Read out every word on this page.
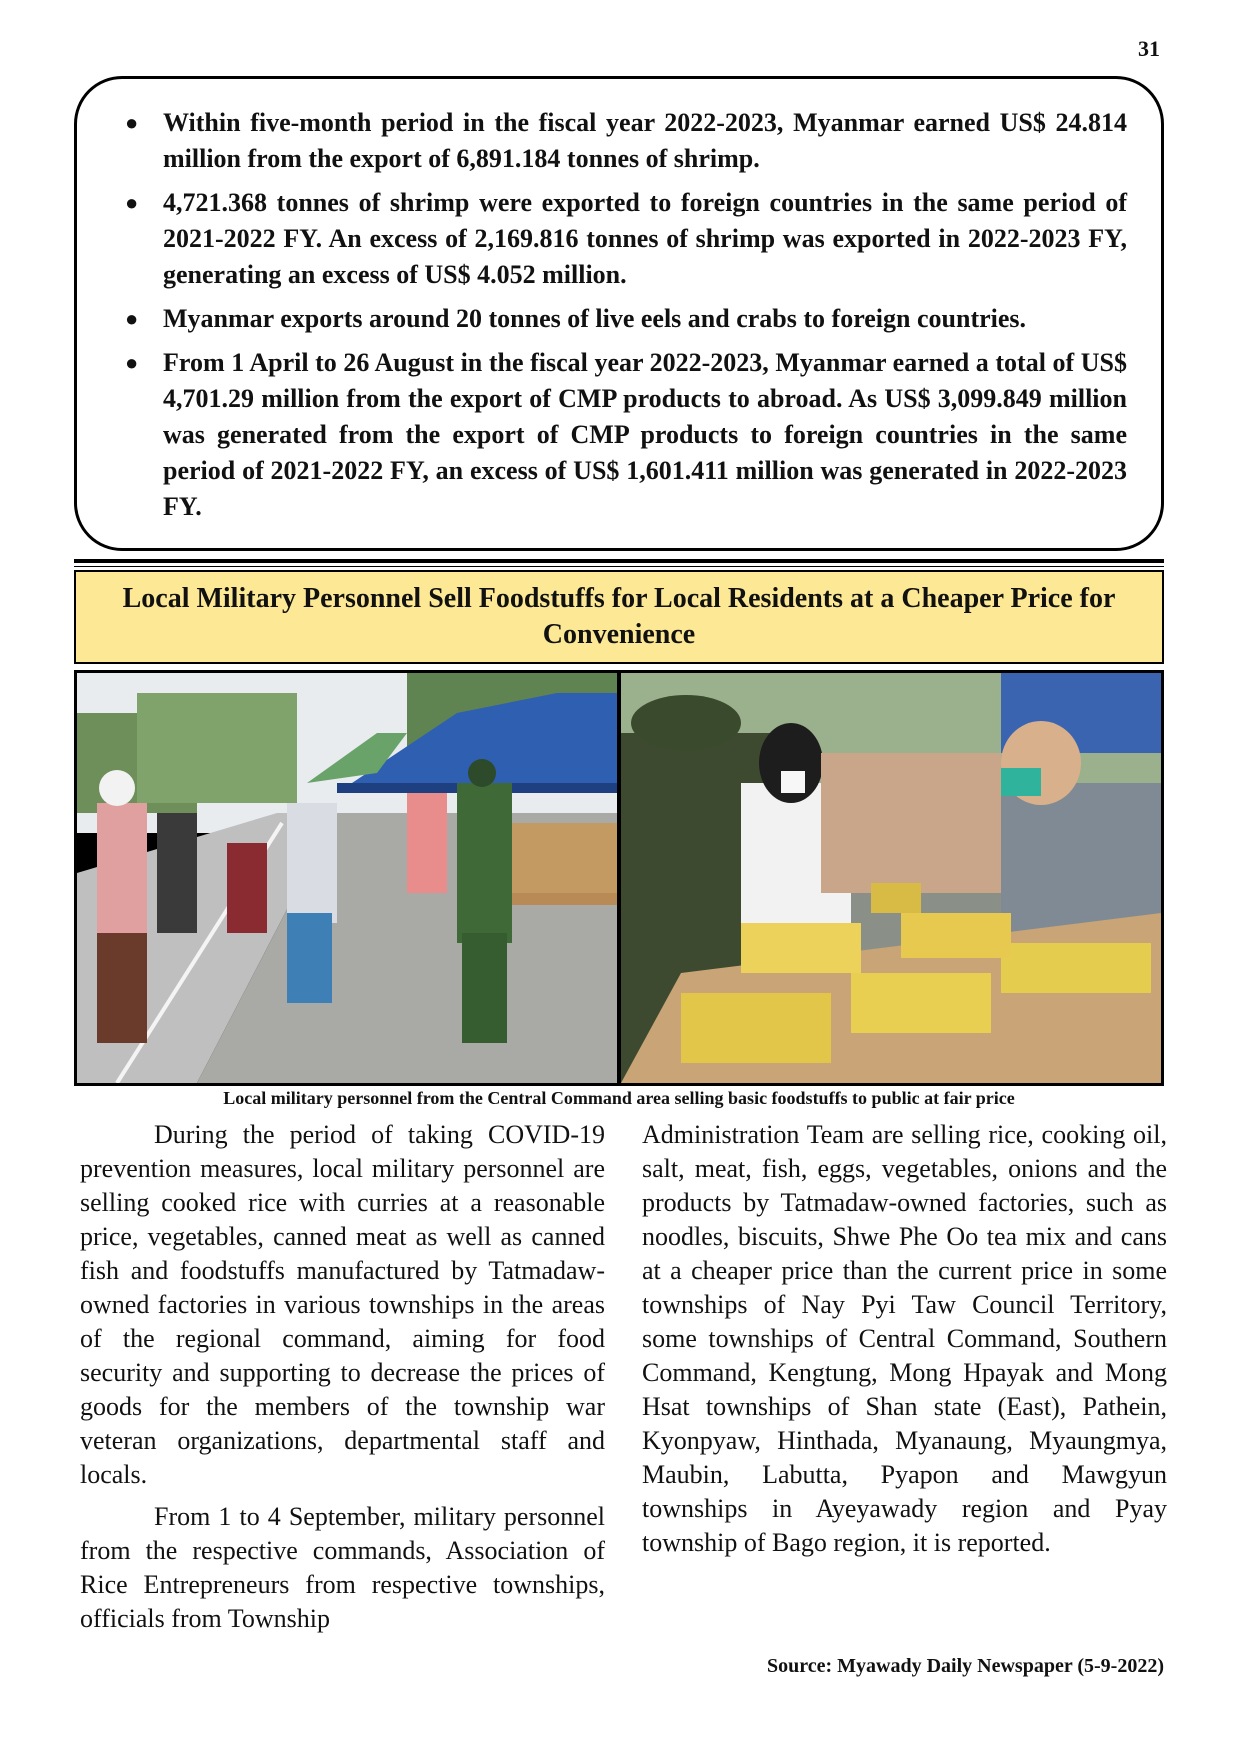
31
● Within five-month period in the fiscal year 2022-2023, Myanmar earned US$ 24.814 million from the export of 6,891.184 tonnes of shrimp.
● 4,721.368 tonnes of shrimp were exported to foreign countries in the same period of 2021-2022 FY. An excess of 2,169.816 tonnes of shrimp was exported in 2022-2023 FY, generating an excess of US$ 4.052 million.
● Myanmar exports around 20 tonnes of live eels and crabs to foreign countries.
● From 1 April to 26 August in the fiscal year 2022-2023, Myanmar earned a total of US$ 4,701.29 million from the export of CMP products to abroad. As US$ 3,099.849 million was generated from the export of CMP products to foreign countries in the same period of 2021-2022 FY, an excess of US$ 1,601.411 million was generated in 2022-2023 FY.
Local Military Personnel Sell Foodstuffs for Local Residents at a Cheaper Price for Convenience
Local military personnel from the Central Command area selling basic foodstuffs to public at fair price

During the period of taking COVID-19 prevention measures, local military personnel are selling cooked rice with curries at a reasonable price, vegetables, canned meat as well as canned fish and foodstuffs manufactured by Tatmadaw-owned factories in various townships in the areas of the regional command, aiming for food security and supporting to decrease the prices of goods for the members of the township war veteran organizations, departmental staff and locals.

From 1 to 4 September, military personnel from the respective commands, Association of Rice Entrepreneurs from respective townships, officials from Township

Administration Team are selling rice, cooking oil, salt, meat, fish, eggs, vegetables, onions and the products by Tatmadaw-owned factories, such as noodles, biscuits, Shwe Phe Oo tea mix and cans at a cheaper price than the current price in some townships of Nay Pyi Taw Council Territory, some townships of Central Command, Southern Command, Kengtung, Mong Hpayak and Mong Hsat townships of Shan state (East), Pathein, Kyonpyaw, Hinthada, Myanaung, Myaungmya, Maubin, Labutta, Pyapon and Mawgyun townships in Ayeyawady region and Pyay township of Bago region, it is reported.

Source: Myawady Daily Newspaper (5-9-2022)
